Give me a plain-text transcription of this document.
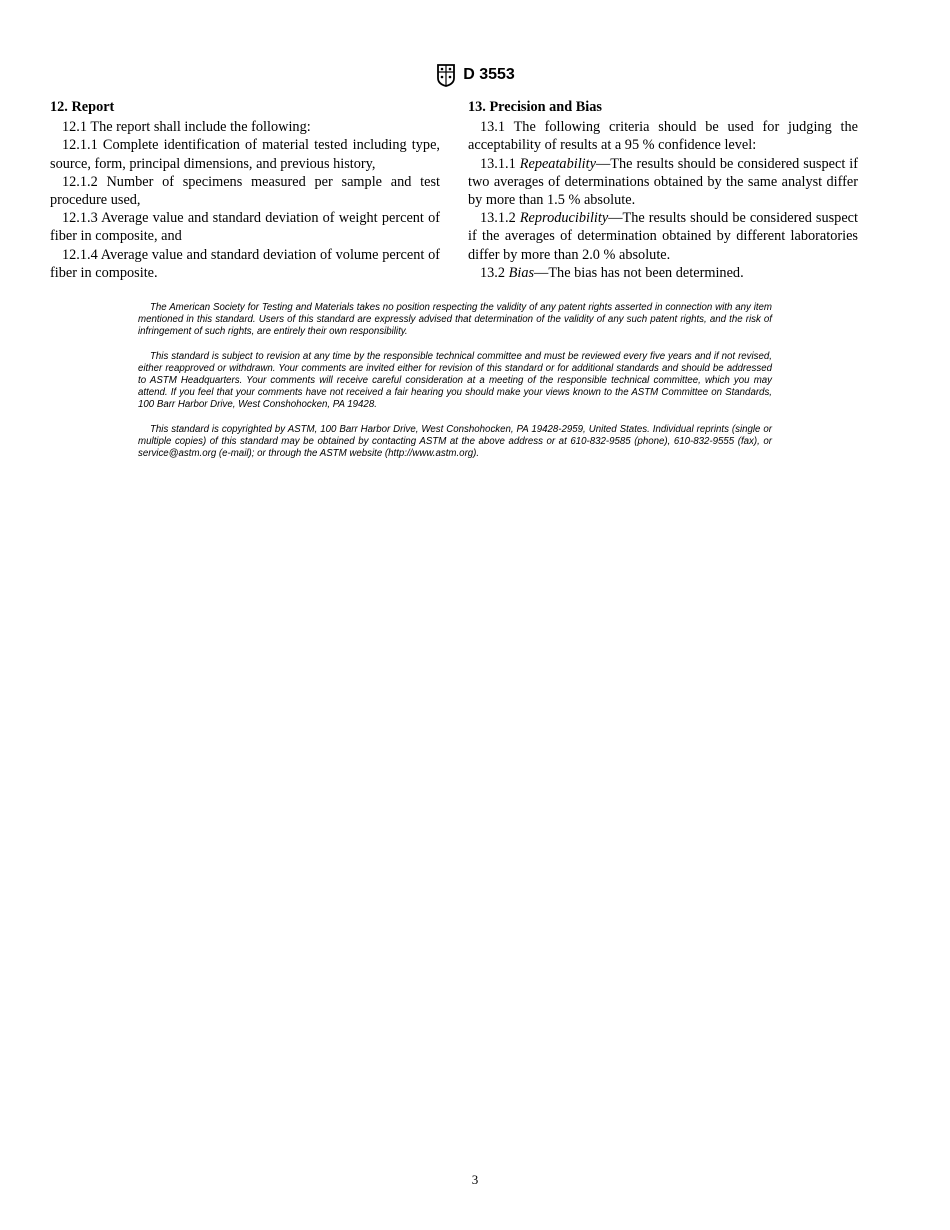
D 3553
12. Report

12.1 The report shall include the following:

12.1.1 Complete identification of material tested including type, source, form, principal dimensions, and previous history,

12.1.2 Number of specimens measured per sample and test procedure used,

12.1.3 Average value and standard deviation of weight percent of fiber in composite, and

12.1.4 Average value and standard deviation of volume percent of fiber in composite.

13. Precision and Bias

13.1 The following criteria should be used for judging the acceptability of results at a 95 % confidence level:

13.1.1 Repeatability—The results should be considered suspect if two averages of determinations obtained by the same analyst differ by more than 1.5 % absolute.

13.1.2 Reproducibility—The results should be considered suspect if the averages of determination obtained by different laboratories differ by more than 2.0 % absolute.

13.2 Bias—The bias has not been determined.

The American Society for Testing and Materials takes no position respecting the validity of any patent rights asserted in connection with any item mentioned in this standard. Users of this standard are expressly advised that determination of the validity of any such patent rights, and the risk of infringement of such rights, are entirely their own responsibility.

This standard is subject to revision at any time by the responsible technical committee and must be reviewed every five years and if not revised, either reapproved or withdrawn. Your comments are invited either for revision of this standard or for additional standards and should be addressed to ASTM Headquarters. Your comments will receive careful consideration at a meeting of the responsible technical committee, which you may attend. If you feel that your comments have not received a fair hearing you should make your views known to the ASTM Committee on Standards, 100 Barr Harbor Drive, West Conshohocken, PA 19428.

This standard is copyrighted by ASTM, 100 Barr Harbor Drive, West Conshohocken, PA 19428-2959, United States. Individual reprints (single or multiple copies) of this standard may be obtained by contacting ASTM at the above address or at 610-832-9585 (phone), 610-832-9555 (fax), or service@astm.org (e-mail); or through the ASTM website (http://www.astm.org).

3
